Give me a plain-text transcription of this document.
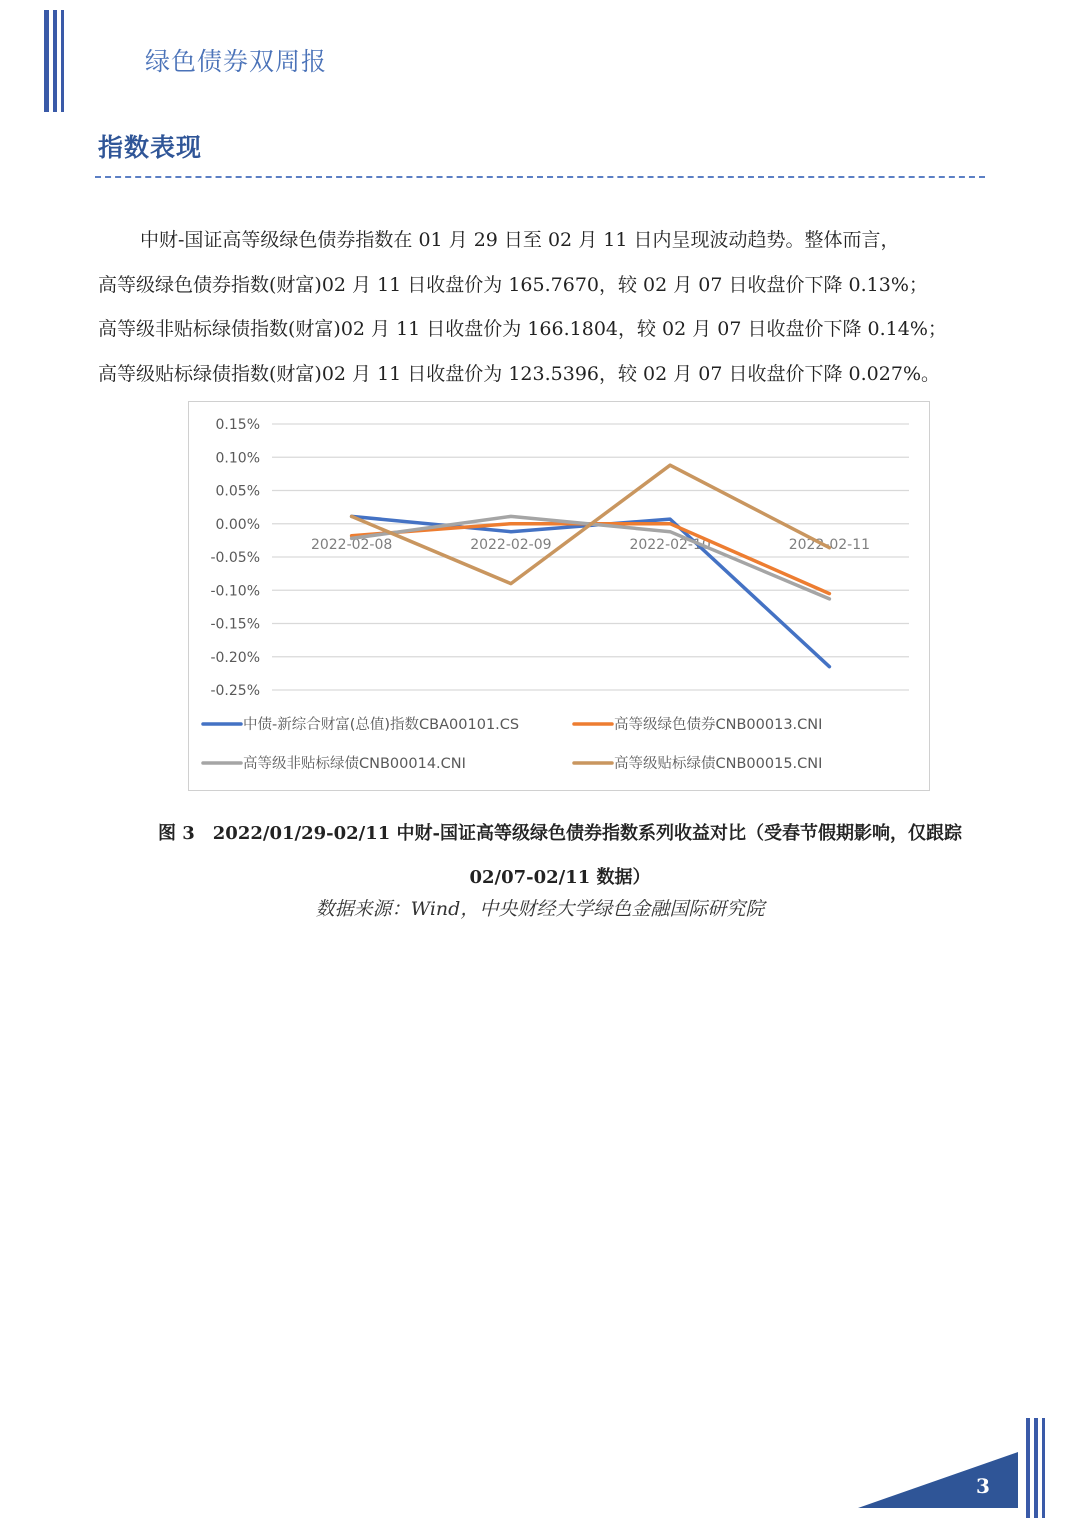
绿色债券双周报
指数表现

中财-国证高等级绿色债券指数在 01 月 29 日至 02 月 11 日内呈现波动趋势。整体而言，

高等级绿色债券指数(财富)02 月 11 日收盘价为 165.7670，较 02 月 07 日收盘价下降 0.13%；

高等级非贴标绿债指数(财富)02 月 11 日收盘价为 166.1804，较 02 月 07 日收盘价下降 0.14%；

高等级贴标绿债指数(财富)02 月 11 日收盘价为 123.5396，较 02 月 07 日收盘价下降 0.027%。

0.15%
0.10%
0.05%
0.00%
-0.05%
-0.10%
-0.15%
-0.20%
-0.25%
2022-02-08	2022-02-09	2022-02-10	2022-02-11
中债-新综合财富(总值)指数CBA00101.CS	高等级绿色债券CNB00013.CNI
高等级非贴标绿债CNB00014.CNI	高等级贴标绿债CNB00015.CNI
图 3　2022/01/29-02/11 中财-国证高等级绿色债券指数系列收益对比（受春节假期影响，仅跟踪
02/07-02/11 数据）
数据来源：Wind，中央财经大学绿色金融国际研究院
3
